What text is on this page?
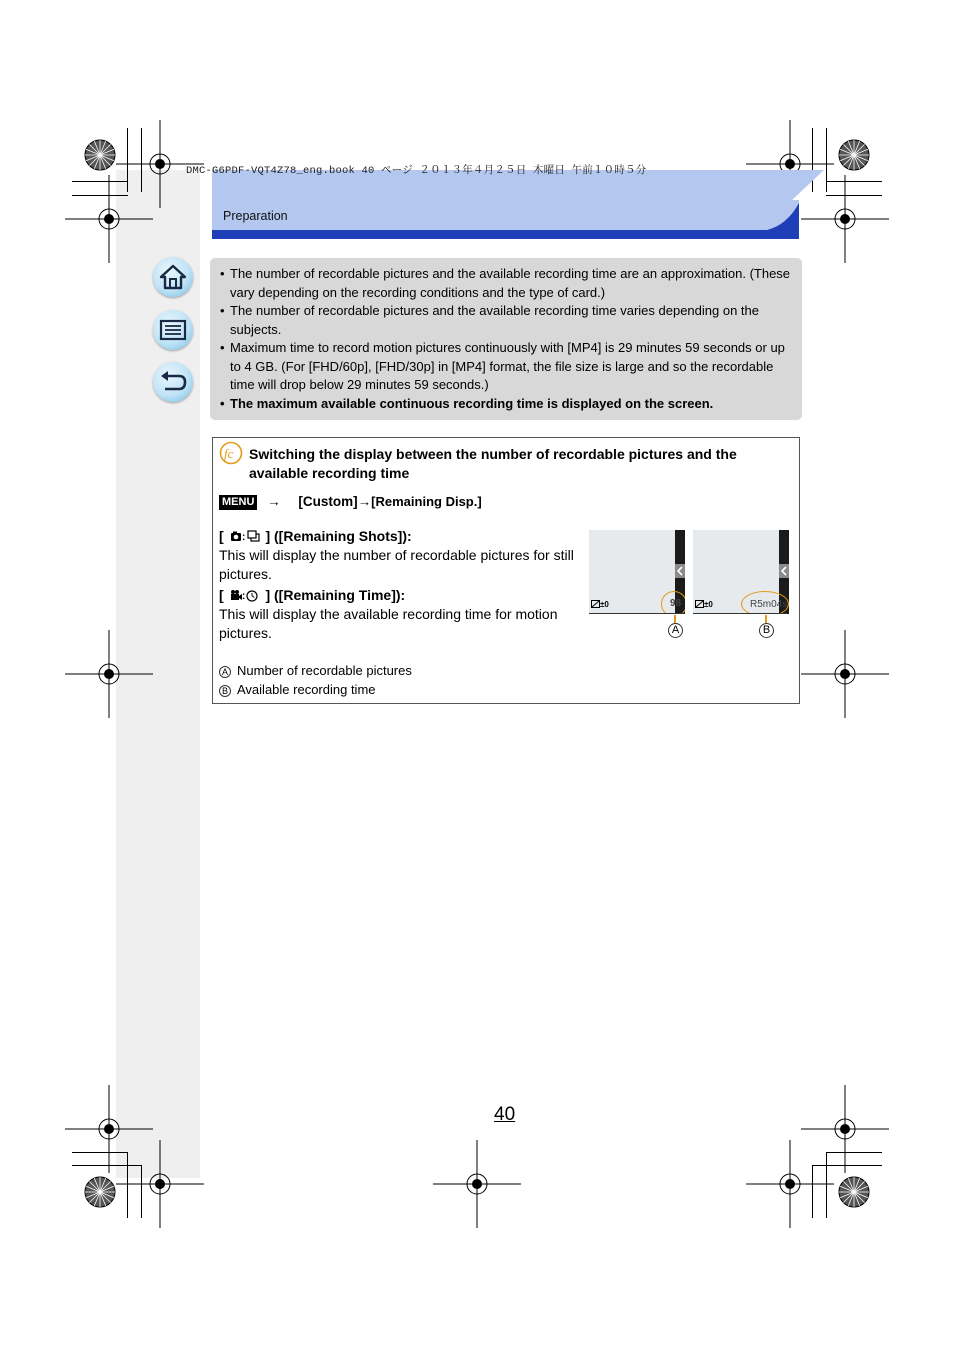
DMC-G6PDF-VQT4Z78_eng.book 40 ページ ２０１３年４月２５日 木曜日 午前１０時５分
Preparation
• The number of recordable pictures and the available recording time are an approximation. (These vary depending on the recording conditions and the type of card.)
• The number of recordable pictures and the available recording time varies depending on the subjects.
• Maximum time to record motion pictures continuously with [MP4] is 29 minutes 59 seconds or up to 4 GB. (For [FHD/60p], [FHD/30p] in [MP4] format, the file size is large and so the recordable time will drop below 29 minutes 59 seconds.)
• The maximum available continuous recording time is displayed on the screen.
fc Switching the display between the number of recordable pictures and the available recording time
MENU → [Custom]→[Remaining Disp.]
[ : ] ([Remaining Shots]):
This will display the number of recordable pictures for still pictures.
[ : ] ([Remaining Time]):
This will display the available recording time for motion pictures.
±0	98
A
±0	R5m04s
B
A Number of recordable pictures
B Available recording time
40
